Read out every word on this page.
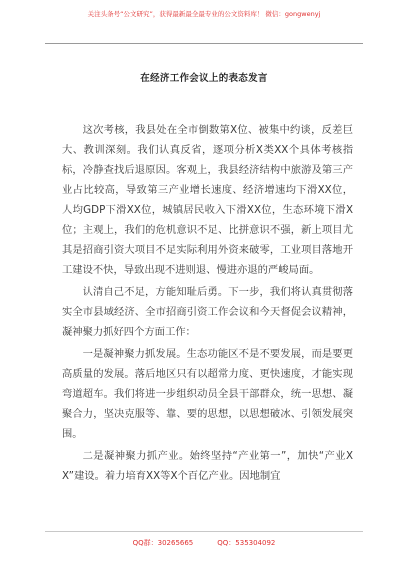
关注头条号“公文研究”，获得最新最全最专业的公文资料库！ 微信：gongwenyj
在经济工作会议上的表态发言

这次考核，我县处在全市倒数第X位、被集中约谈，反差巨大、教训深刻。我们认真反省，逐项分析X类XX个具体考核指标，冷静查找后退原因。客观上，我县经济结构中旅游及第三产业占比较高，导致第三产业增长速度、经济增速均下滑XX位，人均GDP下滑XX位，城镇居民收入下滑XX位，生态环境下滑X位；主观上，我们的危机意识不足、比拼意识不强，新上项目尤其是招商引资大项目不足实际利用外资来破零，工业项目落地开工建设不快，导致出现不进则退、慢进亦退的严峻局面。

认清自己不足，方能知耻后勇。下一步，我们将认真贯彻落实全市县域经济、全市招商引资工作会议和今天督促会议精神，凝神聚力抓好四个方面工作：

一是凝神聚力抓发展。生态功能区不是不要发展，而是要更高质量的发展。落后地区只有以超常力度、更快速度，才能实现弯道超车。我们将进一步组织动员全县干部群众，统一思想、凝聚合力，坚决克服等、靠、要的思想，以思想破冰、引领发展突围。

二是凝神聚力抓产业。始终坚持“产业第一”，加快“产业XX”建设。着力培育XX等X个百亿产业。因地制宜

QQ群：30265665	QQ：535304092
